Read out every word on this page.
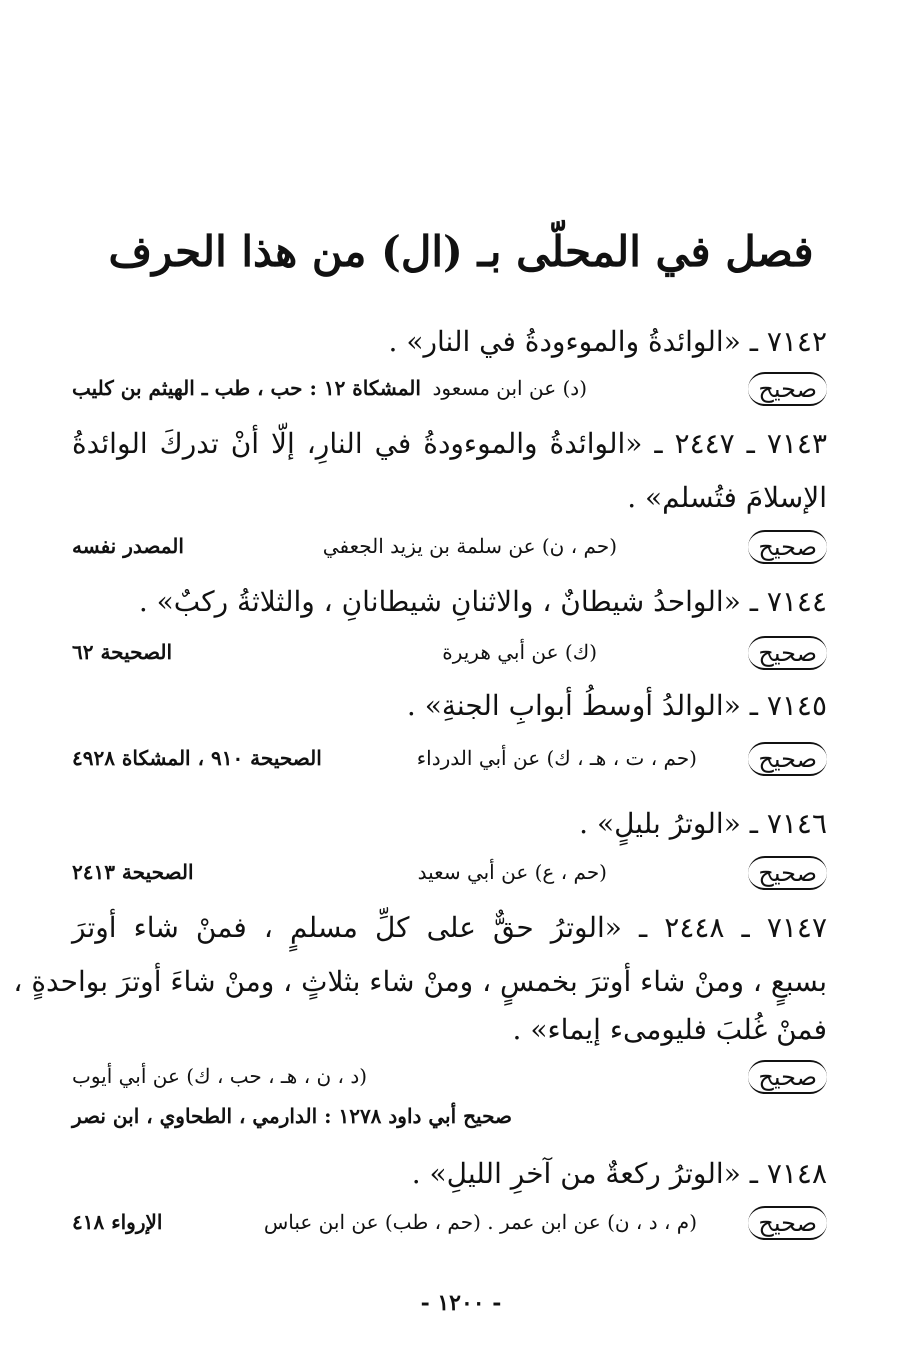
فصل في المحلّى بـ (ال) من هذا الحرف
٧١٤٢ ـ «الوائدةُ والموءودةُ في النار» .
صحيح
(د) عن ابن مسعود
المشكاة ١٢ : حب ، طب ـ الهيثم بن كليب
٧١٤٣ ـ ٢٤٤٧ ـ «الوائدةُ والموءودةُ في النارِ، إلّا أنْ تدركَ الوائدةُ
الإسلامَ فتُسلم» .
صحيح
(حم ، ن) عن سلمة بن يزيد الجعفي
المصدر نفسه
٧١٤٤ ـ «الواحدُ شيطانٌ ، والاثنانِ شيطانانِ ، والثلاثةُ ركبٌ» .
صحيح
(ك) عن أبي هريرة
الصحيحة ٦٢
٧١٤٥ ـ «الوالدُ أوسطُ أبوابِ الجنةِ» .
صحيح
(حم ، ت ، هـ ، ك) عن أبي الدرداء
الصحيحة ٩١٠ ، المشكاة ٤٩٢٨
٧١٤٦ ـ «الوترُ بليلٍ» .
صحيح
(حم ، ع) عن أبي سعيد
الصحيحة ٢٤١٣
٧١٤٧ ـ ٢٤٤٨ ـ «الوترُ حقٌّ على كلِّ مسلمٍ ، فمنْ شاء أوترَ
بسبعٍ ، ومنْ شاء أوترَ بخمسٍ ، ومنْ شاء بثلاثٍ ، ومنْ شاءَ أوترَ بواحدةٍ ،
فمنْ غُلبَ فليومىء إيماء» .
صحيح
(د ، ن ، هـ ، حب ، ك) عن أبي أيوب
صحيح أبي داود ١٢٧٨ : الدارمي ، الطحاوي ، ابن نصر
٧١٤٨ ـ «الوترُ ركعةٌ من آخرِ الليلِ» .
صحيح
(م ، د ، ن) عن ابن عمر . (حم ، طب) عن ابن عباس
الإرواء ٤١٨
- ١٢٠٠ -
